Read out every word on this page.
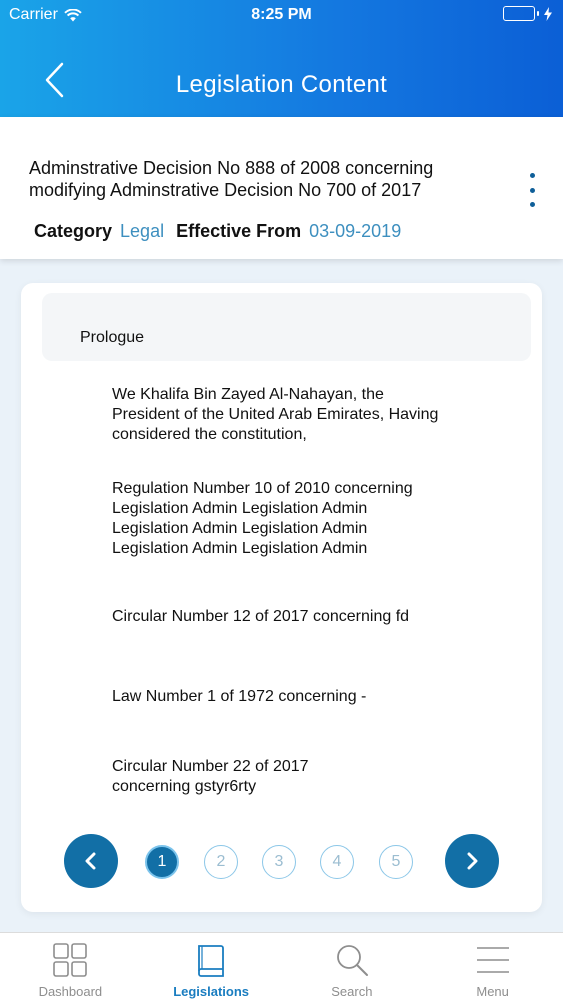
Carrier	8:25 PM
Legislation Content
Adminstrative Decision No 888 of 2008 concerning
modifying Adminstrative Decision No 700 of 2017
Category Legal Effective From 03-09-2019
Prologue
We Khalifa Bin Zayed Al-Nahayan, the
President of the United Arab Emirates, Having
considered the constitution,
Regulation Number 10 of 2010 concerning
Legislation Admin Legislation Admin
Legislation Admin Legislation Admin
Legislation Admin Legislation Admin
Circular Number 12 of 2017 concerning fd
Law Number 1 of 1972 concerning -
Circular Number 22 of 2017
concerning gstyr6rty
1	2	3	4	5
Dashboard	Legislations	Search	Menu
